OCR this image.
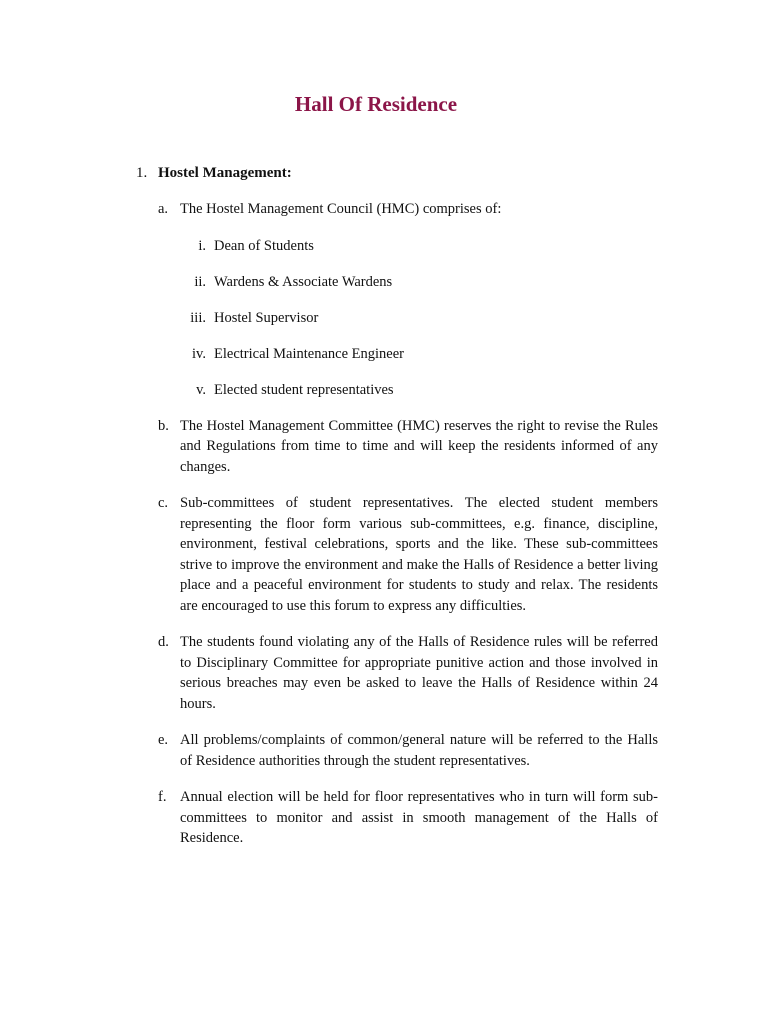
Hall Of Residence
1. Hostel Management:
a. The Hostel Management Council (HMC) comprises of:
i. Dean of Students
ii. Wardens & Associate Wardens
iii. Hostel Supervisor
iv. Electrical Maintenance Engineer
v. Elected student representatives
b. The Hostel Management Committee (HMC) reserves the right to revise the Rules and Regulations from time to time and will keep the residents informed of any changes.
c. Sub-committees of student representatives. The elected student members representing the floor form various sub-committees, e.g. finance, discipline, environment, festival celebrations, sports and the like. These sub-committees strive to improve the environment and make the Halls of Residence a better living place and a peaceful environment for students to study and relax. The residents are encouraged to use this forum to express any difficulties.
d. The students found violating any of the Halls of Residence rules will be referred to Disciplinary Committee for appropriate punitive action and those involved in serious breaches may even be asked to leave the Halls of Residence within 24 hours.
e. All problems/complaints of common/general nature will be referred to the Halls of Residence authorities through the student representatives.
f. Annual election will be held for floor representatives who in turn will form sub-committees to monitor and assist in smooth management of the Halls of Residence.
